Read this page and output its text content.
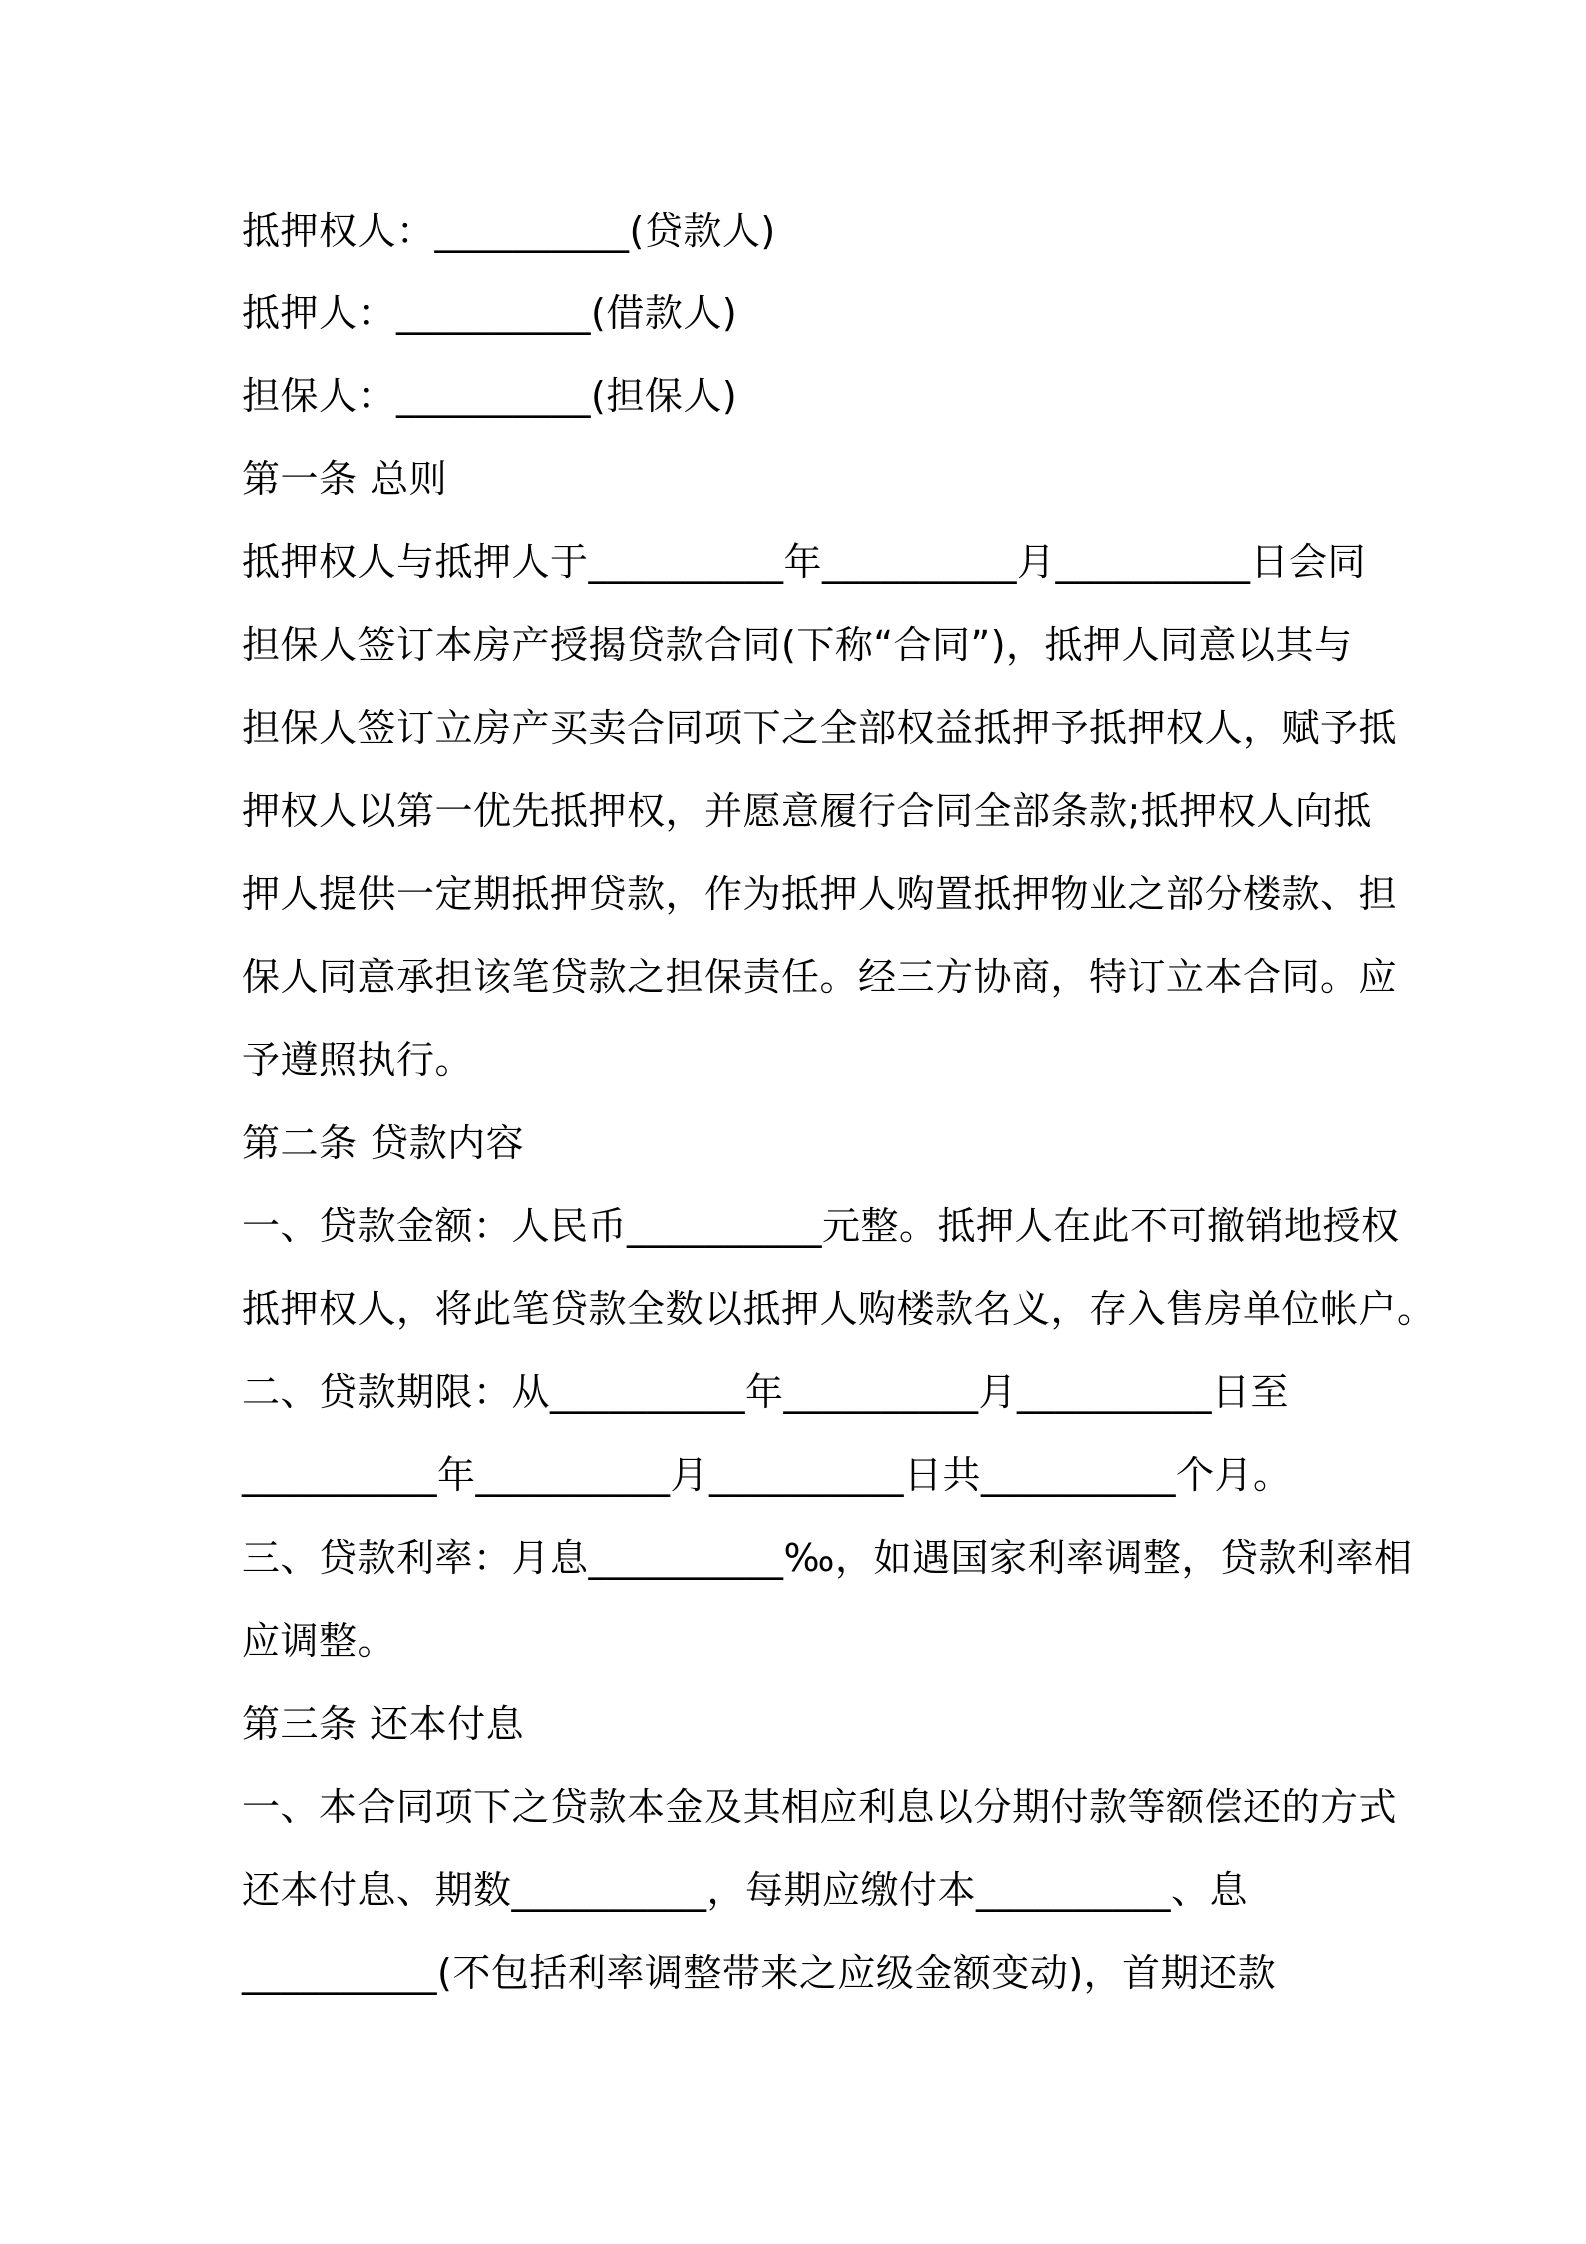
抵押权人：__________(贷款人)
抵押人：__________(借款人)
担保人：__________(担保人)
第一条 总则
抵押权人与抵押人于__________年__________月__________日会同
担保人签订本房产授揭贷款合同(下称“合同”)，抵押人同意以其与
担保人签订立房产买卖合同项下之全部权益抵押予抵押权人，赋予抵
押权人以第一优先抵押权，并愿意履行合同全部条款;抵押权人向抵
押人提供一定期抵押贷款，作为抵押人购置抵押物业之部分楼款、担
保人同意承担该笔贷款之担保责任。经三方协商，特订立本合同。应
予遵照执行。
第二条 贷款内容
一、贷款金额：人民币__________元整。抵押人在此不可撤销地授权
抵押权人，将此笔贷款全数以抵押人购楼款名义，存入售房单位帐户。
二、贷款期限：从__________年__________月__________日至
__________年__________月__________日共__________个月。
三、贷款利率：月息__________‰，如遇国家利率调整，贷款利率相
应调整。
第三条 还本付息
一、本合同项下之贷款本金及其相应利息以分期付款等额偿还的方式
还本付息、期数__________，每期应缴付本__________、息
__________(不包括利率调整带来之应级金额变动)，首期还款
